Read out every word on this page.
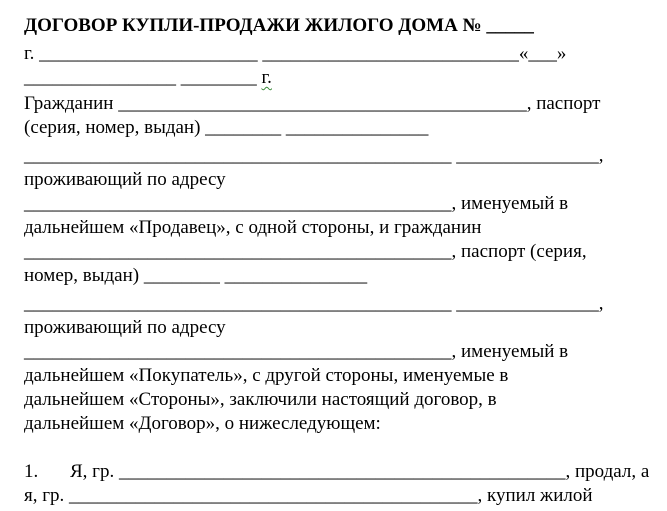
ДОГОВОР КУПЛИ-ПРОДАЖИ ЖИЛОГО ДОМА № _____
г. _______________________ ___________________________«___»
________________ ________ г.
Гражданин ___________________________________________, паспорт
(серия, номер, выдан) ________ _______________
_____________________________________________ _______________,
проживающий по адресу
_____________________________________________, именуемый в
дальнейшем «Продавец», с одной стороны, и гражданин
_____________________________________________, паспорт (серия,
номер, выдан) ________ _______________
_____________________________________________ _______________,
проживающий по адресу
_____________________________________________, именуемый в
дальнейшем «Покупатель», с другой стороны, именуемые в
дальнейшем «Стороны», заключили настоящий договор, в
дальнейшем «Договор», о нижеследующем:
1. Я, гр. _______________________________________________, продал, а
я, гр. ___________________________________________, купил жилой
